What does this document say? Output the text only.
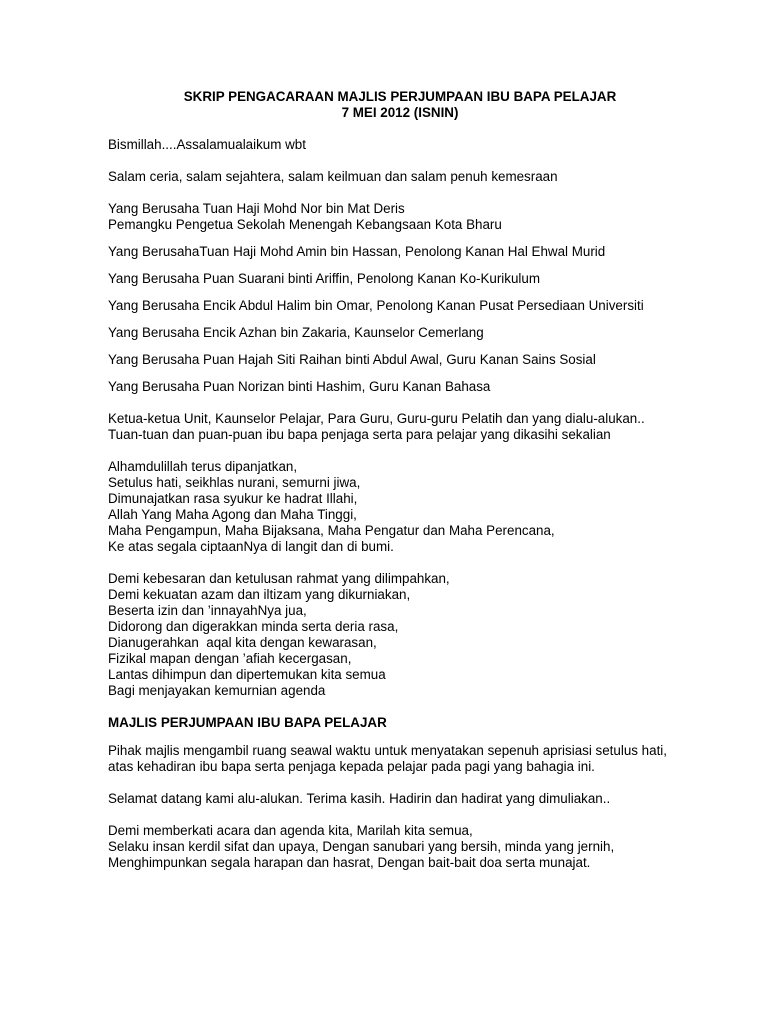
SKRIP PENGACARAAN MAJLIS PERJUMPAAN IBU BAPA PELAJAR
7 MEI 2012 (ISNIN)

Bismillah....Assalamualaikum wbt

Salam ceria, salam sejahtera, salam keilmuan dan salam penuh kemesraan

Yang Berusaha Tuan Haji Mohd Nor bin Mat Deris
Pemangku Pengetua Sekolah Menengah Kebangsaan Kota Bharu

Yang BerusahaTuan Haji Mohd Amin bin Hassan, Penolong Kanan Hal Ehwal Murid

Yang Berusaha Puan Suarani binti Ariffin, Penolong Kanan Ko-Kurikulum

Yang Berusaha Encik Abdul Halim bin Omar, Penolong Kanan Pusat Persediaan Universiti

Yang Berusaha Encik Azhan bin Zakaria, Kaunselor Cemerlang

Yang Berusaha Puan Hajah Siti Raihan binti Abdul Awal, Guru Kanan Sains Sosial

Yang Berusaha Puan Norizan binti Hashim, Guru Kanan Bahasa

Ketua-ketua Unit, Kaunselor Pelajar, Para Guru, Guru-guru Pelatih dan yang dialu-alukan..
Tuan-tuan dan puan-puan ibu bapa penjaga serta para pelajar yang dikasihi sekalian

Alhamdulillah terus dipanjatkan,
Setulus hati, seikhlas nurani, semurni jiwa,
Dimunajatkan rasa syukur ke hadrat Illahi,
Allah Yang Maha Agong dan Maha Tinggi,
Maha Pengampun, Maha Bijaksana, Maha Pengatur dan Maha Perencana,
Ke atas segala ciptaanNya di langit dan di bumi.

Demi kebesaran dan ketulusan rahmat yang dilimpahkan,
Demi kekuatan azam dan iltizam yang dikurniakan,
Beserta izin dan ’innayahNya jua,
Didorong dan digerakkan minda serta deria rasa,
Dianugerahkan  aqal kita dengan kewarasan,
Fizikal mapan dengan ’afiah kecergasan,
Lantas dihimpun dan dipertemukan kita semua
Bagi menjayakan kemurnian agenda

MAJLIS PERJUMPAAN IBU BAPA PELAJAR

Pihak majlis mengambil ruang seawal waktu untuk menyatakan sepenuh aprisiasi setulus hati,
atas kehadiran ibu bapa serta penjaga kepada pelajar pada pagi yang bahagia ini.

Selamat datang kami alu-alukan. Terima kasih. Hadirin dan hadirat yang dimuliakan..

Demi memberkati acara dan agenda kita, Marilah kita semua,
Selaku insan kerdil sifat dan upaya, Dengan sanubari yang bersih, minda yang jernih,
Menghimpunkan segala harapan dan hasrat, Dengan bait-bait doa serta munajat.
